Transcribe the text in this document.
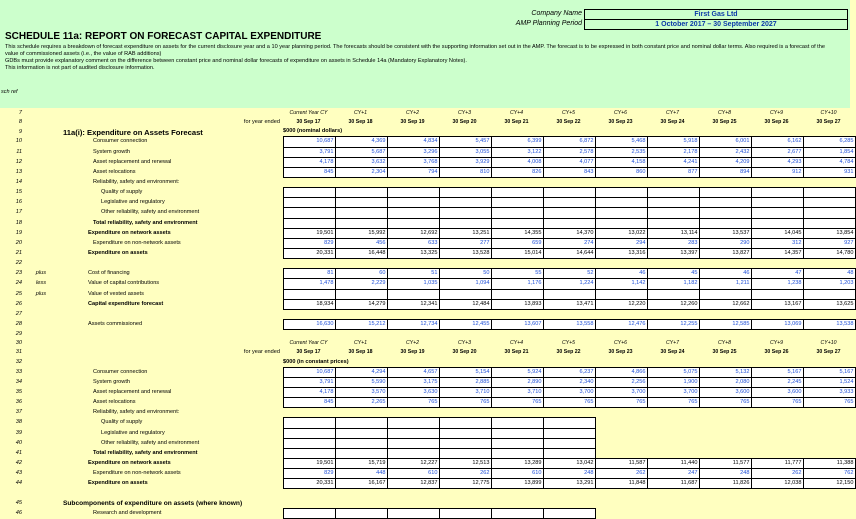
Company Name	First Gas Ltd
AMP Planning Period	1 October 2017 – 30 September 2027
SCHEDULE 11a: REPORT ON FORECAST CAPITAL EXPENDITURE
This schedule requires a breakdown of forecast expenditure on assets for the current disclosure year and a 10 year planning period. The forecasts should be consistent with the supporting information set out in the AMP. The forecast is to be expressed in both constant price and nominal dollar terms. Also required is a forecast of the
value of commissioned assets (i.e., the value of RAB additions)
GDBs must provide explanatory comment on the difference between constant price and nominal dollar forecasts of expenditure on assets in Schedule 14a (Mandatory Explanatory Notes).
This information is not part of audited disclosure information.
sch ref
7			Current Year CY	CY+1	CY+2	CY+3	CY+4	CY+5	CY+6	CY+7	CY+8	CY+9	CY+10
8		for year ended	30 Sep 17	30 Sep 18	30 Sep 19	30 Sep 20	30 Sep 21	30 Sep 22	30 Sep 23	30 Sep 24	30 Sep 25	30 Sep 26	30 Sep 27
9		11a(i): Expenditure on Assets Forecast	$000 (nominal dollars)										
10		Consumer connection	10,687	4,369	4,834	5,457	6,399	6,872	5,468	5,918	6,001	6,162	6,285
11		System growth	3,791	5,687	3,296	3,055	3,122	2,578	2,535	2,178	2,432	2,677	1,854
12		Asset replacement and renewal	4,178	3,632	3,768	3,929	4,008	4,077	4,158	4,241	4,209	4,293	4,784
13		Asset relocations	845	2,304	794	810	826	843	860	877	894	912	931
14		Reliability, safety and environment:											
15		Quality of supply											
16		Legislative and regulatory											
17		Other reliability, safety and environment											
18		Total reliability, safety and environment											
19		Expenditure on network assets	19,501	15,992	12,692	13,251	14,355	14,370	13,022	13,114	13,537	14,045	13,854
20		Expenditure on non-network assets	829	456	633	277	659	274	294	283	290	312	927
21		Expenditure on assets	20,331	16,448	13,325	13,528	15,014	14,644	13,316	13,397	13,827	14,357	14,780
22													
23	plus	Cost of financing	81	60	51	50	55	52	46	45	46	47	48
24	less	Value of capital contributions	1,478	2,229	1,035	1,094	1,176	1,224	1,142	1,182	1,211	1,238	1,203
25	plus	Value of vested assets											
26		Capital expenditure forecast	18,934	14,279	12,341	12,484	13,893	13,471	12,220	12,260	12,662	13,167	13,625
27													
28		Assets commissioned	16,630	15,212	12,734	12,455	13,607	13,558	12,476	12,255	12,585	13,069	13,538
29													
30			Current Year CY	CY+1	CY+2	CY+3	CY+4	CY+5	CY+6	CY+7	CY+8	CY+9	CY+10
31		for year ended	30 Sep 17	30 Sep 18	30 Sep 19	30 Sep 20	30 Sep 21	30 Sep 22	30 Sep 23	30 Sep 24	30 Sep 25	30 Sep 26	30 Sep 27
32			$000 (in constant prices)										
33		Consumer connection	10,687	4,294	4,657	5,154	5,924	6,237	4,866	5,075	5,132	5,167	5,167
34		System growth	3,791	5,590	3,175	2,885	2,890	2,340	2,256	1,900	2,080	2,245	1,524
35		Asset replacement and renewal	4,178	3,570	3,630	3,710	3,710	3,700	3,700	3,700	3,600	3,600	3,933
36		Asset relocations	845	2,265	765	765	765	765	765	765	765	765	765
37		Reliability, safety and environment:											
38		Quality of supply											
39		Legislative and regulatory											
40		Other reliability, safety and environment											
41		Total reliability, safety and environment											
42		Expenditure on network assets	19,501	15,719	12,227	12,513	13,289	13,042	11,587	11,440	11,577	11,777	11,388
43		Expenditure on non-network assets	829	448	610	262	610	248	262	247	248	262	762
44		Expenditure on assets	20,331	16,167	12,837	12,775	13,899	13,291	11,848	11,687	11,826	12,038	12,150

45		Subcomponents of expenditure on assets (where known)											
46		Research and development											
